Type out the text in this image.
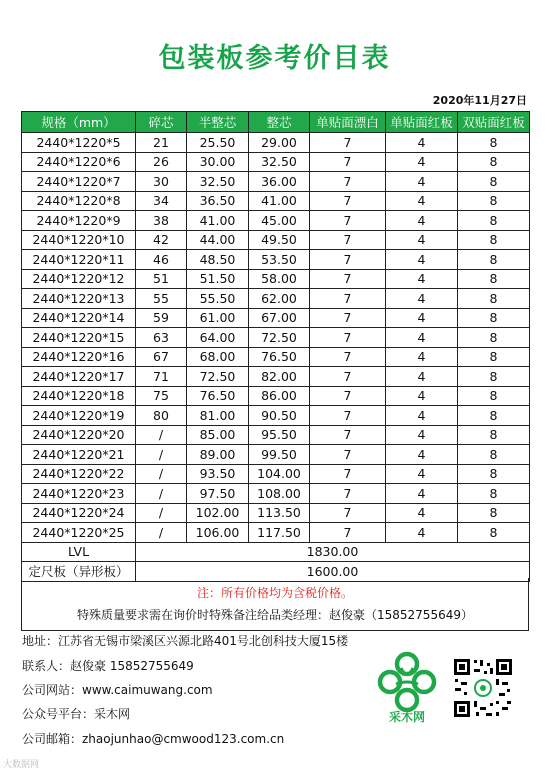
包装板参考价目表
2020年11月27日
规格（mm）	碎芯	半整芯	整芯	单贴面漂白	单贴面红板	双贴面红板
2440*1220*5	21	25.50	29.00	7	4	8
2440*1220*6	26	30.00	32.50	7	4	8
2440*1220*7	30	32.50	36.00	7	4	8
2440*1220*8	34	36.50	41.00	7	4	8
2440*1220*9	38	41.00	45.00	7	4	8
2440*1220*10	42	44.00	49.50	7	4	8
2440*1220*11	46	48.50	53.50	7	4	8
2440*1220*12	51	51.50	58.00	7	4	8
2440*1220*13	55	55.50	62.00	7	4	8
2440*1220*14	59	61.00	67.00	7	4	8
2440*1220*15	63	64.00	72.50	7	4	8
2440*1220*16	67	68.00	76.50	7	4	8
2440*1220*17	71	72.50	82.00	7	4	8
2440*1220*18	75	76.50	86.00	7	4	8
2440*1220*19	80	81.00	90.50	7	4	8
2440*1220*20	/	85.00	95.50	7	4	8
2440*1220*21	/	89.00	99.50	7	4	8
2440*1220*22	/	93.50	104.00	7	4	8
2440*1220*23	/	97.50	108.00	7	4	8
2440*1220*24	/	102.00	113.50	7	4	8
2440*1220*25	/	106.00	117.50	7	4	8
LVL	1830.00					
定尺板（异形板）	1600.00					
注：所有价格均为含税价格。
特殊质量要求需在询价时特殊备注给品类经理：赵俊豪（15852755649）
地址：江苏省无锡市梁溪区兴源北路401号北创科技大厦15楼
联系人：赵俊豪 15852755649
公司网站：www.caimuwang.com
公众号平台：采木网
公司邮箱：zhaojunhao@cmwood123.com.cn
采木网
大数据网
